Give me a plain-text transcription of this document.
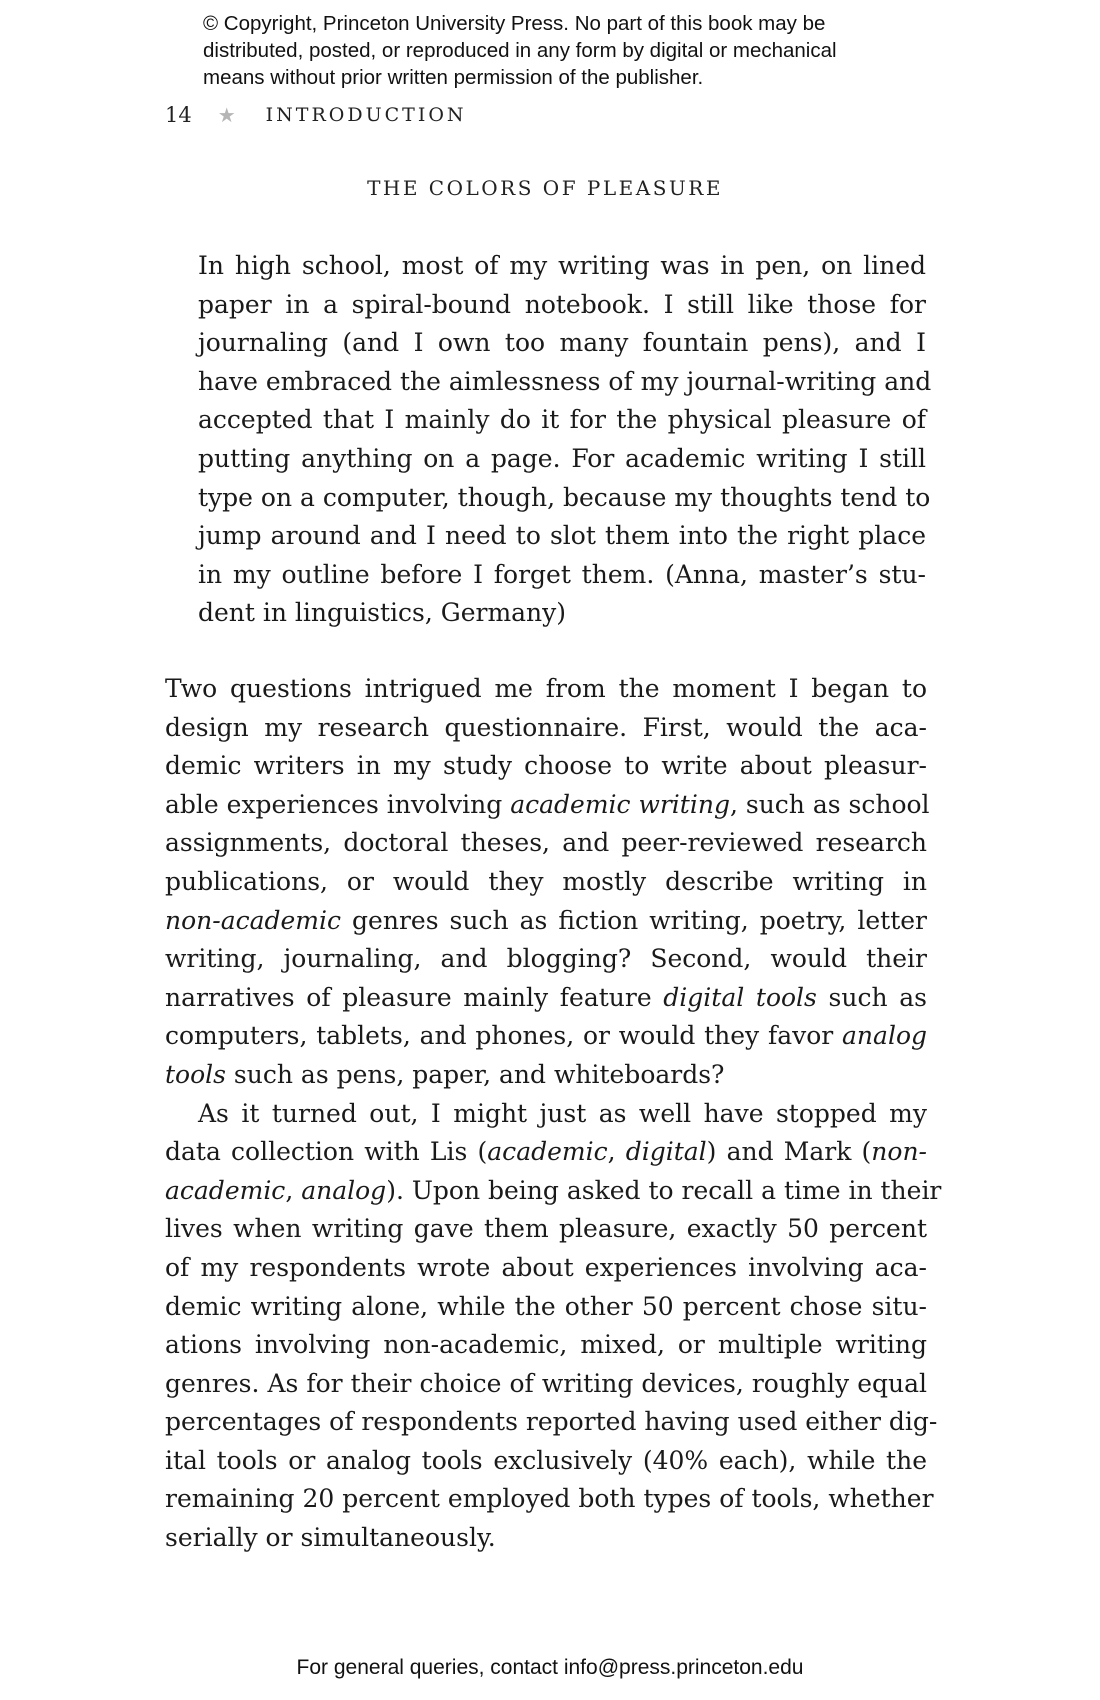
© Copyright, Princeton University Press. No part of this book may be
distributed, posted, or reproduced in any form by digital or mechanical
means without prior written permission of the publisher.
14 ★ INTRODUCTION
THE COLORS OF PLEASURE
In high school, most of my writing was in pen, on lined
paper in a spiral-bound notebook. I still like those for
journaling (and I own too many fountain pens), and I
have embraced the aimlessness of my journal-writing and
accepted that I mainly do it for the physical pleasure of
putting anything on a page. For academic writing I still
type on a computer, though, because my thoughts tend to
jump around and I need to slot them into the right place
in my outline before I forget them. (Anna, master’s stu-
dent in linguistics, Germany)
Two questions intrigued me from the moment I began to
design my research questionnaire. First, would the aca-
demic writers in my study choose to write about pleasur-
able experiences involving academic writing, such as school
assignments, doctoral theses, and peer-reviewed research
publications, or would they mostly describe writing in
non-academic genres such as fiction writing, poetry, letter
writing, journaling, and blogging? Second, would their
narratives of pleasure mainly feature digital tools such as
computers, tablets, and phones, or would they favor analog
tools such as pens, paper, and whiteboards?
As it turned out, I might just as well have stopped my
data collection with Lis (academic, digital) and Mark (non-
academic, analog). Upon being asked to recall a time in their
lives when writing gave them pleasure, exactly 50 percent
of my respondents wrote about experiences involving aca-
demic writing alone, while the other 50 percent chose situ-
ations involving non-academic, mixed, or multiple writing
genres. As for their choice of writing devices, roughly equal
percentages of respondents reported having used either dig-
ital tools or analog tools exclusively (40% each), while the
remaining 20 percent employed both types of tools, whether
serially or simultaneously.
For general queries, contact info@press.princeton.edu
